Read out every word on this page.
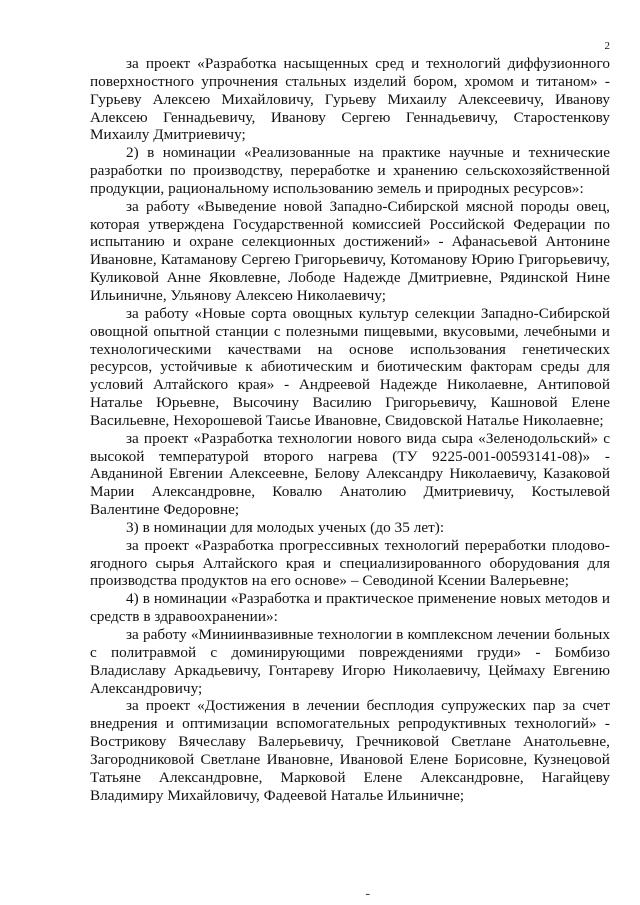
2

за проект «Разработка насыщенных сред и технологий диффузионного поверхностного упрочнения стальных изделий бором, хромом и титаном» - Гурьеву Алексею Михайловичу, Гурьеву Михаилу Алексеевичу, Иванову Алексею Геннадьевичу, Иванову Сергею Геннадьевичу, Старостенкову Михаилу Дмитриевичу;

2) в номинации «Реализованные на практике научные и технические разработки по производству, переработке и хранению сельскохозяйственной продукции, рациональному использованию земель и природных ресурсов»:

за работу «Выведение новой Западно-Сибирской мясной породы овец, которая утверждена Государственной комиссией Российской Федерации по испытанию и охране селекционных достижений» - Афанасьевой Антонине Ивановне, Катаманову Сергею Григорьевичу, Котоманову Юрию Григорьевичу, Куликовой Анне Яковлевне, Лободе Надежде Дмитриевне, Рядинской Нине Ильиничне, Ульянову Алексею Николаевичу;

за работу «Новые сорта овощных культур селекции Западно-Сибирской овощной опытной станции с полезными пищевыми, вкусовыми, лечебными и технологическими качествами на основе использования генетических ресурсов, устойчивые к абиотическим и биотическим факторам среды для условий Алтайского края» - Андреевой Надежде Николаевне, Антиповой Наталье Юрьевне, Высочину Василию Григорьевичу, Кашновой Елене Васильевне, Нехорошевой Таисье Ивановне, Свидовской Наталье Николаевне;

за проект «Разработка технологии нового вида сыра «Зеленодольский» с высокой температурой второго нагрева (ТУ 9225-001-00593141-08)» - Авданиной Евгении Алексеевне, Белову Александру Николаевичу, Казаковой Марии Александровне, Ковалю Анатолию Дмитриевичу, Костылевой Валентине Федоровне;

3) в номинации для молодых ученых (до 35 лет):

за проект «Разработка прогрессивных технологий переработки плодово-ягодного сырья Алтайского края и специализированного оборудования для производства продуктов на его основе» – Севодиной Ксении Валерьевне;

4) в номинации «Разработка и практическое применение новых методов и средств в здравоохранении»:

за работу «Миниинвазивные технологии в комплексном лечении больных с политравмой с доминирующими повреждениями груди» - Бомбизо Владиславу Аркадьевичу, Гонтареву Игорю Николаевичу, Цеймаху Евгению Александровичу;

за проект «Достижения в лечении бесплодия супружеских пар за счет внедрения и оптимизации вспомогательных репродуктивных технологий» - Вострикову Вячеславу Валерьевичу, Гречниковой Светлане Анатольевне, Загородниковой Светлане Ивановне, Ивановой Елене Борисовне, Кузнецовой Татьяне Александровне, Марковой Елене Александровне, Нагайцеву Владимиру Михайловичу, Фадеевой Наталье Ильиничне;

ـ
